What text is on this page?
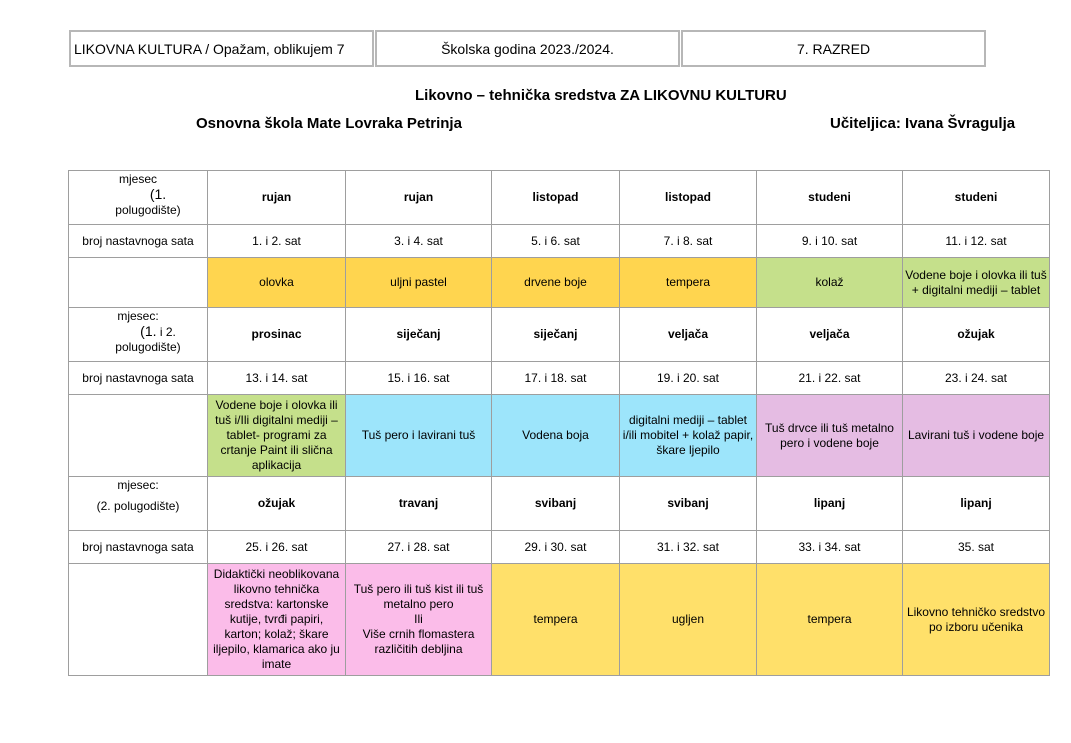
LIKOVNA KULTURA / Opažam, oblikujem 7	Školska godina 2023./2024.	7. RAZRED
Likovno – tehnička sredstva ZA LIKOVNU KULTURU
Osnovna škola Mate Lovraka Petrinja	Učiteljica: Ivana Švragulja
mjesec
(1.
polugodište)	rujan	rujan	listopad	listopad	studeni	studeni
broj nastavnoga sata	1. i 2. sat	3. i 4. sat	5. i 6. sat	7. i 8. sat	9. i 10. sat	11. i 12. sat
	olovka	uljni pastel	drvene boje	tempera	kolaž	Vodene boje i olovka ili tuš + digitalni mediji – tablet

mjesec:
(1. i 2.
polugodište)	prosinac	siječanj	siječanj	veljača	veljača	ožujak
broj nastavnoga sata	13. i 14. sat	15. i 16. sat	17. i 18. sat	19. i 20. sat	21. i 22. sat	23. i 24. sat
	Vodene boje i olovka ili tuš i/Ili digitalni mediji – tablet- programi za crtanje Paint ili slična aplikacija	Tuš pero i lavirani tuš	Vodena boja	digitalni mediji – tablet i/ili mobitel + kolaž papir, škare ljepilo	Tuš drvce ili tuš metalno pero i vodene boje	Lavirani tuš i vodene boje

mjesec:
(2. polugodište)	ožujak	travanj	svibanj	svibanj	lipanj	lipanj
broj nastavnoga sata	25. i 26. sat	27. i 28. sat	29. i 30. sat	31. i 32. sat	33. i 34. sat	35. sat
	Didaktički neoblikovana likovno tehnička sredstva: kartonske kutije, tvrđi papiri, karton; kolaž; škare iljepilo, klamarica ako ju imate	Tuš pero ili tuš kist ili tuš metalno pero
Ili
Više crnih flomastera različitih debljina	tempera	ugljen	tempera	Likovno tehničko sredstvo po izboru učenika
